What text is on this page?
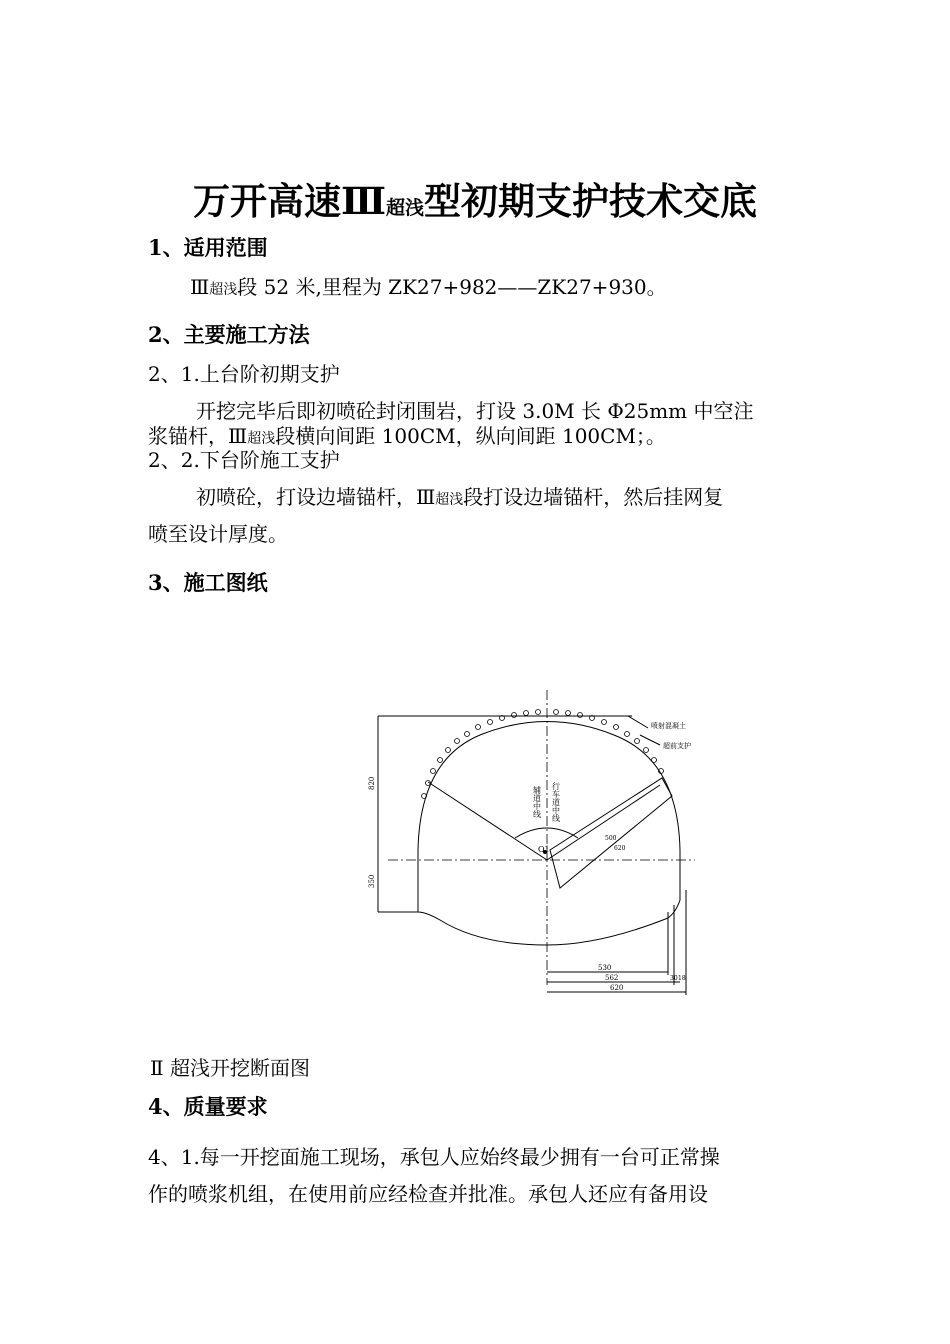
万开高速Ⅲ超浅型初期支护技术交底
1、适用范围
Ⅲ超浅段 52 米,里程为 ZK27+982——ZK27+930。
2、主要施工方法
2、1.上台阶初期支护
开挖完毕后即初喷砼封闭围岩，打设 3.0M 长 Φ25mm 中空注
浆锚杆，Ⅲ超浅段横向间距 100CM，纵向间距 100CM；。
2、2.下台阶施工支护
初喷砼，打设边墙锚杆，Ⅲ超浅段打设边墙锚杆，然后挂网复
喷至设计厚度。
3、施工图纸
喷射混凝土
超前支护
O1
820
350
530
562
620
30 18
500
620
辅道中线 行车道中线
Ⅱ 超浅开挖断面图
4、质量要求
4、1.每一开挖面施工现场，承包人应始终最少拥有一台可正常操
作的喷浆机组，在使用前应经检查并批准。承包人还应有备用设
